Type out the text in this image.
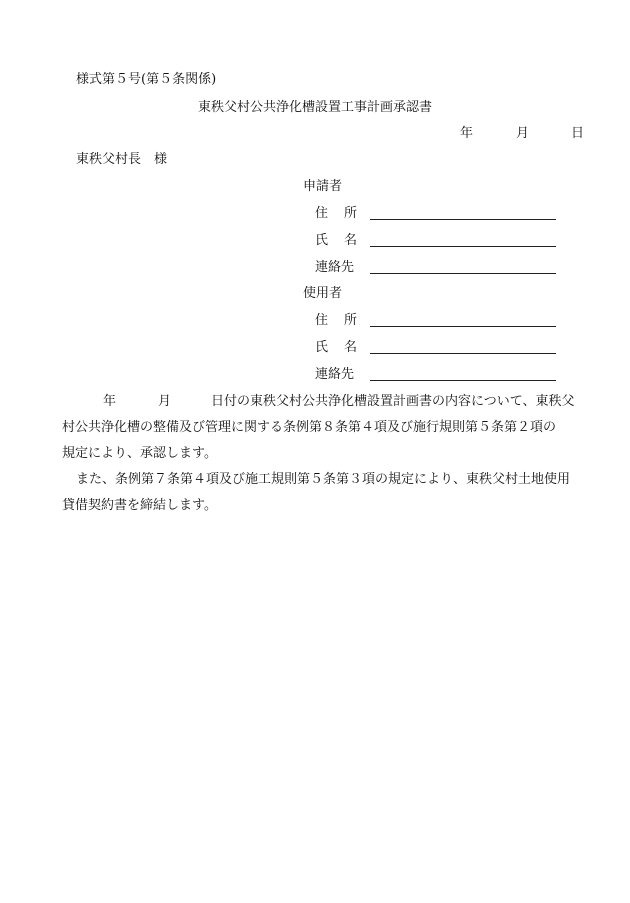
様式第５号(第５条関係)
東秩父村公共浄化槽設置工事計画承認書
年	月	日
東秩父村長　様
申請者
住 所
氏 名
連絡先
使用者
住 所
氏 名
連絡先
年	月	日付の東秩父村公共浄化槽設置計画書の内容について、東秩父
村公共浄化槽の整備及び管理に関する条例第８条第４項及び施行規則第５条第２項の
規定により、承認します。
また、条例第７条第４項及び施工規則第５条第３項の規定により、東秩父村土地使用
貸借契約書を締結します。
